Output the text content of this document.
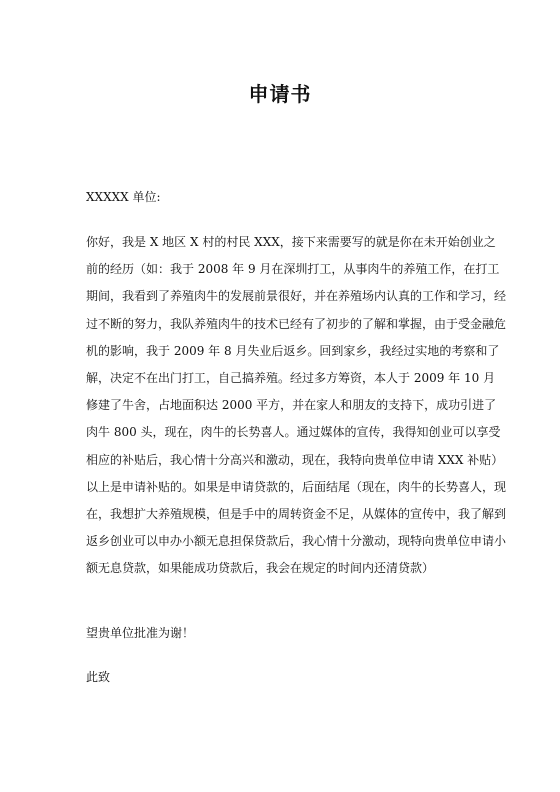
申请书
XXXXX 单位:
你好，我是 X 地区 X 村的村民 XXX，接下来需要写的就是你在未开始创业之
前的经历（如：我于 2008 年 9 月在深圳打工，从事肉牛的养殖工作，在打工
期间，我看到了养殖肉牛的发展前景很好，并在养殖场内认真的工作和学习，经
过不断的努力，我队养殖肉牛的技术已经有了初步的了解和掌握，由于受金融危
机的影响，我于 2009 年 8 月失业后返乡。回到家乡，我经过实地的考察和了
解，决定不在出门打工，自己搞养殖。经过多方筹资，本人于 2009 年 10 月
修建了牛舍，占地面积达 2000 平方，并在家人和朋友的支持下，成功引进了
肉牛 800 头，现在，肉牛的长势喜人。通过媒体的宣传，我得知创业可以享受
相应的补贴后，我心情十分高兴和激动，现在，我特向贵单位申请 XXX 补贴）
以上是申请补贴的。如果是申请贷款的，后面结尾（现在，肉牛的长势喜人，现
在，我想扩大养殖规模，但是手中的周转资金不足，从媒体的宣传中，我了解到
返乡创业可以申办小额无息担保贷款后，我心情十分激动，现特向贵单位申请小
额无息贷款，如果能成功贷款后，我会在规定的时间内还清贷款）
望贵单位批准为谢！
此致
